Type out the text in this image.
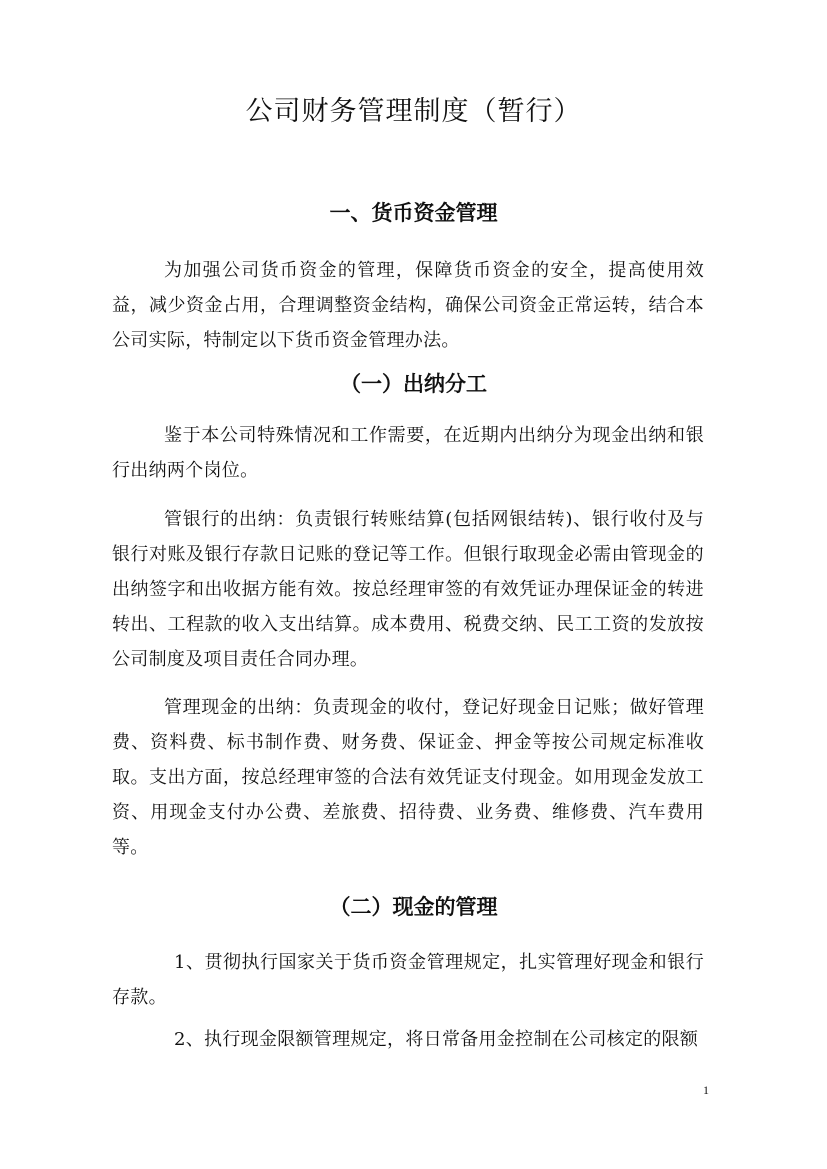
公司财务管理制度（暂行）
一、货币资金管理

为加强公司货币资金的管理，保障货币资金的安全，提高使用效益，减少资金占用，合理调整资金结构，确保公司资金正常运转，结合本公司实际，特制定以下货币资金管理办法。

（一）出纳分工

鉴于本公司特殊情况和工作需要，在近期内出纳分为现金出纳和银行出纳两个岗位。

管银行的出纳：负责银行转账结算(包括网银结转)、银行收付及与银行对账及银行存款日记账的登记等工作。但银行取现金必需由管现金的出纳签字和出收据方能有效。按总经理审签的有效凭证办理保证金的转进转出、工程款的收入支出结算。成本费用、税费交纳、民工工资的发放按公司制度及项目责任合同办理。

管理现金的出纳：负责现金的收付，登记好现金日记账；做好管理费、资料费、标书制作费、财务费、保证金、押金等按公司规定标准收取。支出方面，按总经理审签的合法有效凭证支付现金。如用现金发放工资、用现金支付办公费、差旅费、招待费、业务费、维修费、汽车费用等。

（二）现金的管理

1、贯彻执行国家关于货币资金管理规定，扎实管理好现金和银行存款。

2、执行现金限额管理规定，将日常备用金控制在公司核定的限额

1
